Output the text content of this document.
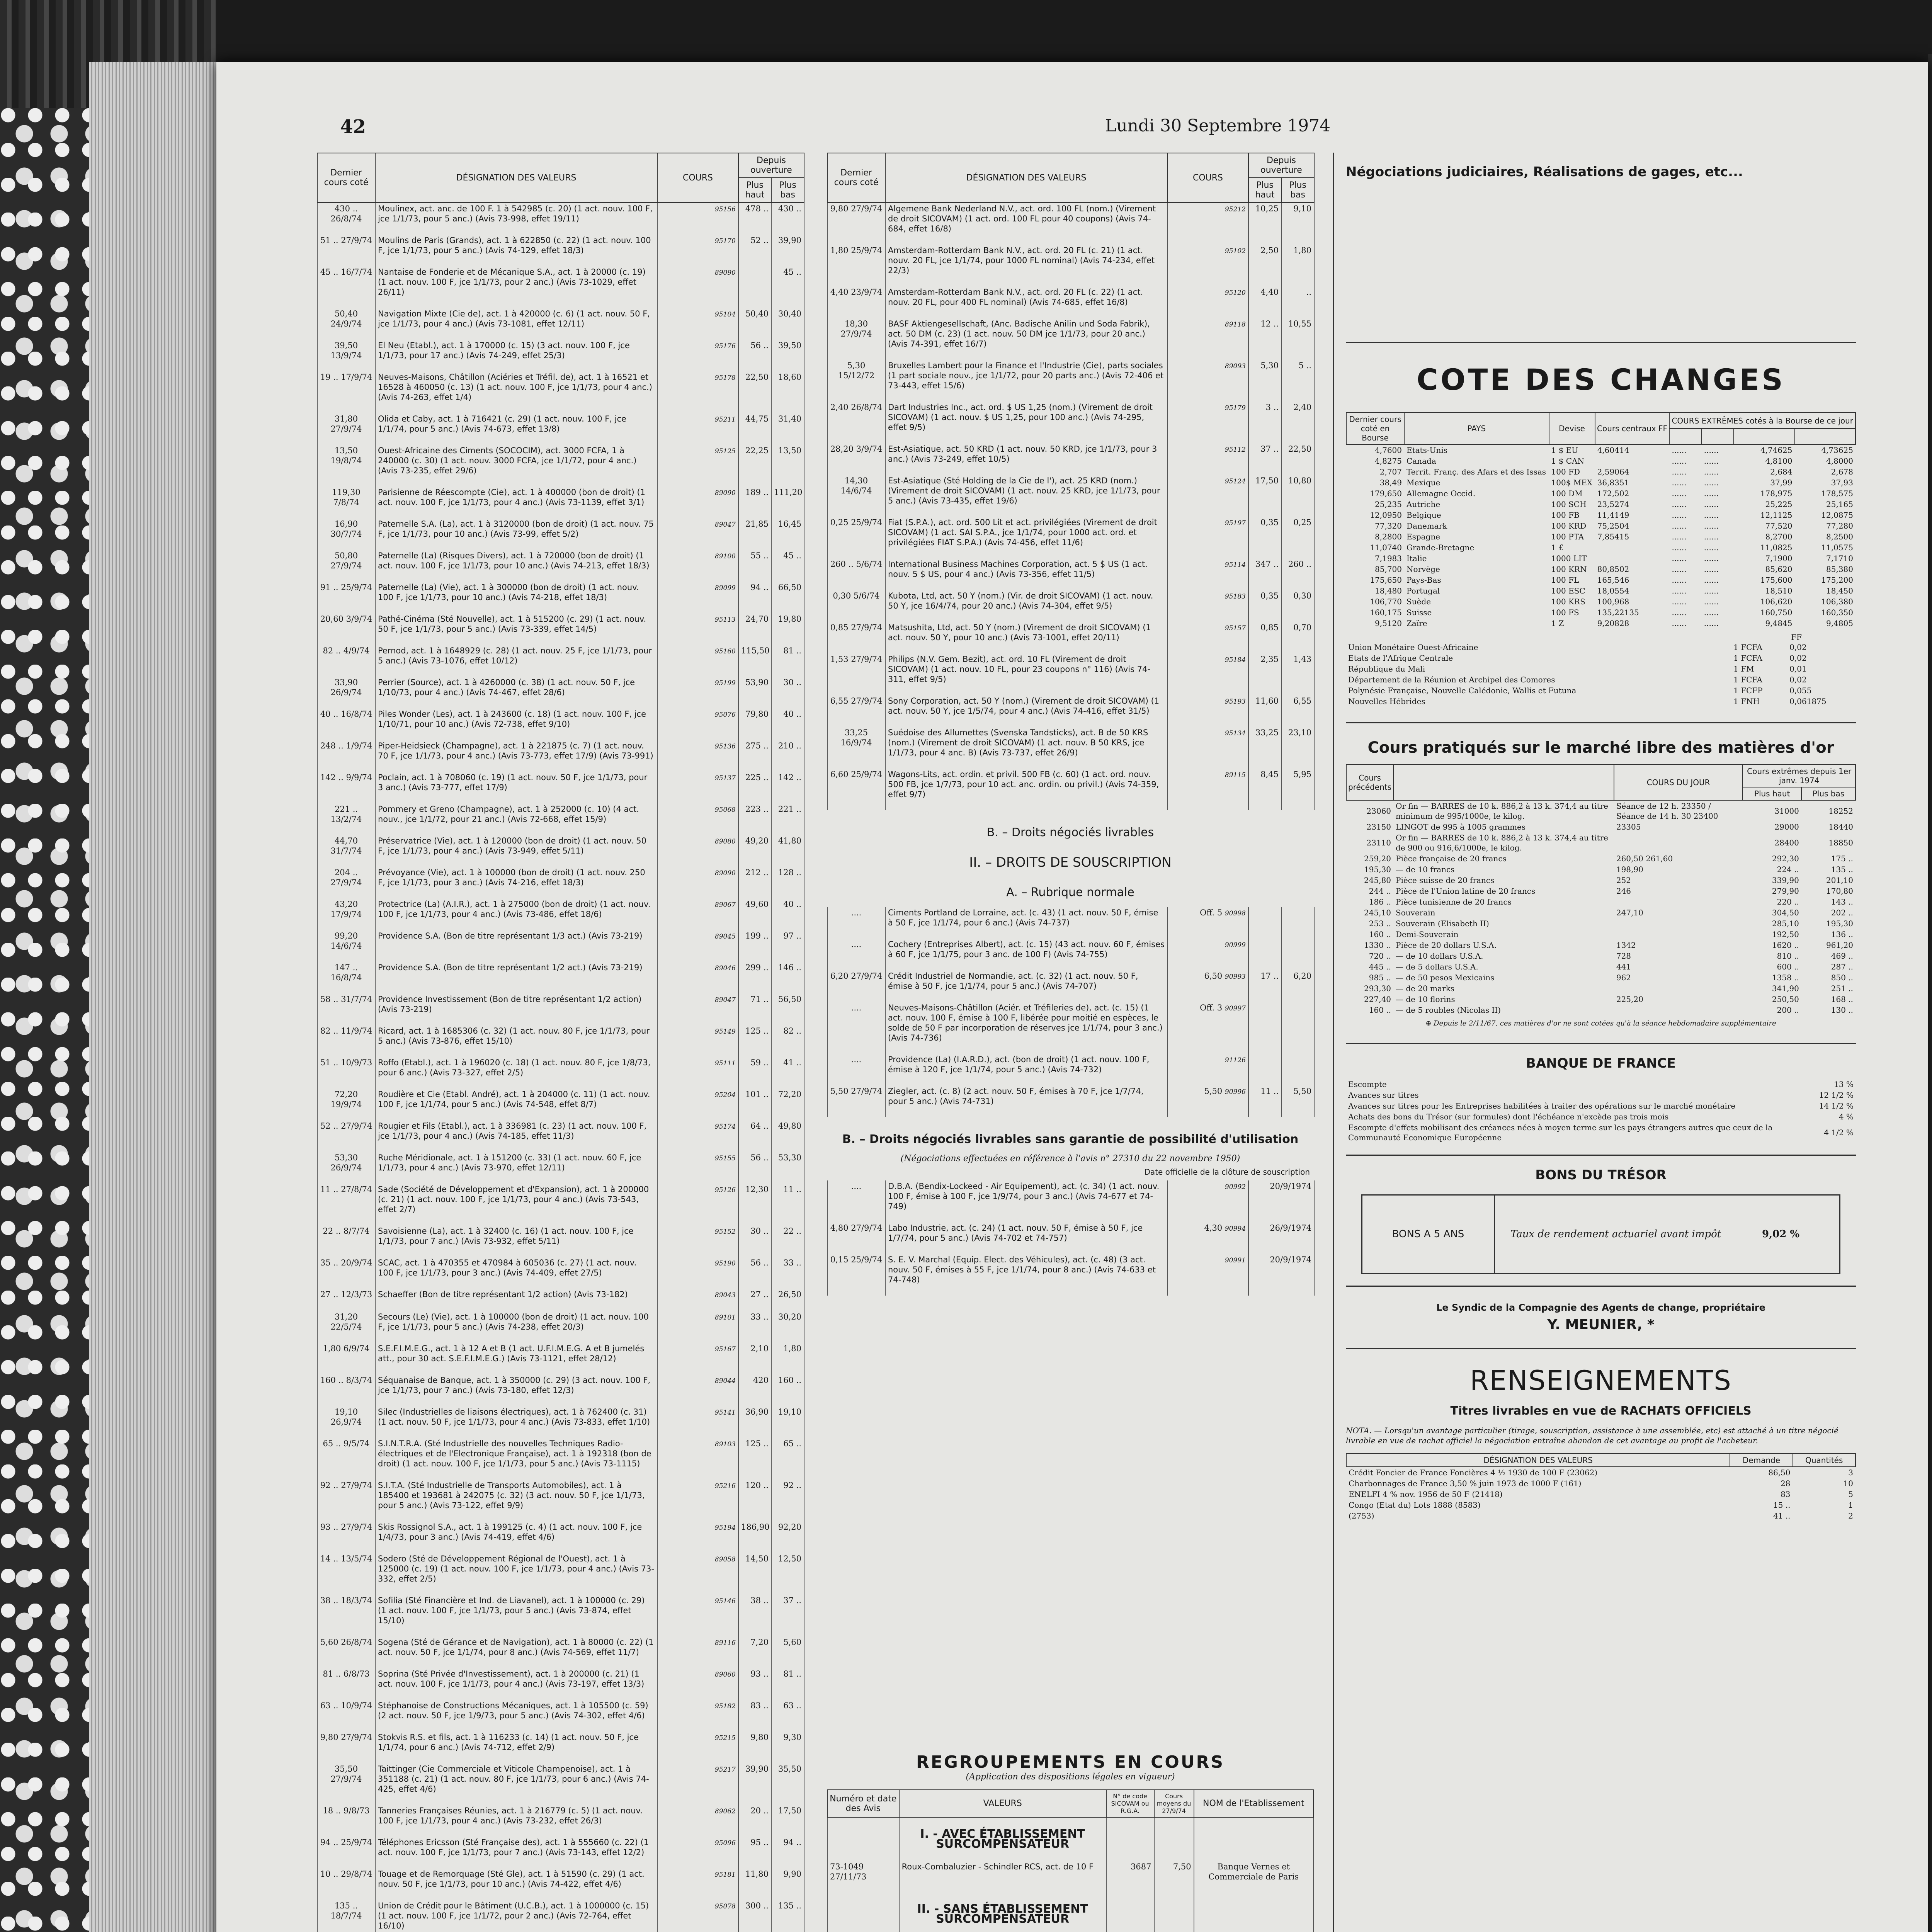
42	Lundi 30 Septembre 1974
Dernier cours coté	DÉSIGNATION DES VALEURS	COURS	Depuis ouverture	
			Plus haut	Plus bas
430 .. 26/8/74	Moulinex, act. anc. de 100 F. 1 à 542985 (c. 20) (1 act. nouv. 100 F, jce 1/1/73, pour 5 anc.) (Avis 73-998, effet 19/11)	95156	478 ..	430 ..

51 .. 27/9/74	Moulins de Paris (Grands), act. 1 à 622850 (c. 22) (1 act. nouv. 100 F, jce 1/1/73, pour 5 anc.) (Avis 74-129, effet 18/3)	95170	52 ..	39,90

45 .. 16/7/74	Nantaise de Fonderie et de Mécanique S.A., act. 1 à 20000 (c. 19) (1 act. nouv. 100 F, jce 1/1/73, pour 2 anc.) (Avis 73-1029, effet 26/11)	89090		45 ..

50,40 24/9/74	Navigation Mixte (Cie de), act. 1 à 420000 (c. 6) (1 act. nouv. 50 F, jce 1/1/73, pour 4 anc.) (Avis 73-1081, effet 12/11)	95104	50,40	30,40

39,50 13/9/74	El Neu (Etabl.), act. 1 à 170000 (c. 15) (3 act. nouv. 100 F, jce 1/1/73, pour 17 anc.) (Avis 74-249, effet 25/3)	95176	56 ..	39,50

19 .. 17/9/74	Neuves-Maisons, Châtillon (Aciéries et Tréfil. de), act. 1 à 16521 et 16528 à 460050 (c. 13) (1 act. nouv. 100 F, jce 1/1/73, pour 4 anc.) (Avis 74-263, effet 1/4)	95178	22,50	18,60

31,80 27/9/74	Olida et Caby, act. 1 à 716421 (c. 29) (1 act. nouv. 100 F, jce 1/1/74, pour 5 anc.) (Avis 74-673, effet 13/8)	95211	44,75	31,40

13,50 19/8/74	Ouest-Africaine des Ciments (SOCOCIM), act. 3000 FCFA, 1 à 240000 (c. 30) (1 act. nouv. 3000 FCFA, jce 1/1/72, pour 4 anc.) (Avis 73-235, effet 29/6)	95125	22,25	13,50

119,30 7/8/74	Parisienne de Réescompte (Cie), act. 1 à 400000 (bon de droit) (1 act. nouv. 100 F, jce 1/1/73, pour 4 anc.) (Avis 73-1139, effet 3/1)	89090	189 ..	111,20

16,90 30/7/74	Paternelle S.A. (La), act. 1 à 3120000 (bon de droit) (1 act. nouv. 75 F, jce 1/1/73, pour 10 anc.) (Avis 73-99, effet 5/2)	89047	21,85	16,45

50,80 27/9/74	Paternelle (La) (Risques Divers), act. 1 à 720000 (bon de droit) (1 act. nouv. 100 F, jce 1/1/73, pour 10 anc.) (Avis 74-213, effet 18/3)	89100	55 ..	45 ..

91 .. 25/9/74	Paternelle (La) (Vie), act. 1 à 300000 (bon de droit) (1 act. nouv. 100 F, jce 1/1/73, pour 10 anc.) (Avis 74-218, effet 18/3)	89099	94 ..	66,50

20,60 3/9/74	Pathé-Cinéma (Sté Nouvelle), act. 1 à 515200 (c. 29) (1 act. nouv. 50 F, jce 1/1/73, pour 5 anc.) (Avis 73-339, effet 14/5)	95113	24,70	19,80

82 .. 4/9/74	Pernod, act. 1 à 1648929 (c. 28) (1 act. nouv. 25 F, jce 1/1/73, pour 5 anc.) (Avis 73-1076, effet 10/12)	95160	115,50	81 ..

33,90 26/9/74	Perrier (Source), act. 1 à 4260000 (c. 38) (1 act. nouv. 50 F, jce 1/10/73, pour 4 anc.) (Avis 74-467, effet 28/6)	95199	53,90	30 ..

40 .. 16/8/74	Piles Wonder (Les), act. 1 à 243600 (c. 18) (1 act. nouv. 100 F, jce 1/10/71, pour 10 anc.) (Avis 72-738, effet 9/10)	95076	79,80	40 ..

248 .. 1/9/74	Piper-Heidsieck (Champagne), act. 1 à 221875 (c. 7) (1 act. nouv. 70 F, jce 1/1/73, pour 4 anc.) (Avis 73-773, effet 17/9) (Avis 73-991)	95136	275 ..	210 ..

142 .. 9/9/74	Poclain, act. 1 à 708060 (c. 19) (1 act. nouv. 50 F, jce 1/1/73, pour 3 anc.) (Avis 73-777, effet 17/9)	95137	225 ..	142 ..

221 .. 13/2/74	Pommery et Greno (Champagne), act. 1 à 252000 (c. 10) (4 act. nouv., jce 1/1/72, pour 21 anc.) (Avis 72-668, effet 15/9)	95068	223 ..	221 ..

44,70 31/7/74	Préservatrice (Vie), act. 1 à 120000 (bon de droit) (1 act. nouv. 50 F, jce 1/1/73, pour 4 anc.) (Avis 73-949, effet 5/11)	89080	49,20	41,80

204 .. 27/9/74	Prévoyance (Vie), act. 1 à 100000 (bon de droit) (1 act. nouv. 250 F, jce 1/1/73, pour 3 anc.) (Avis 74-216, effet 18/3)	89090	212 ..	128 ..

43,20 17/9/74	Protectrice (La) (A.I.R.), act. 1 à 275000 (bon de droit) (1 act. nouv. 100 F, jce 1/1/73, pour 4 anc.) (Avis 73-486, effet 18/6)	89067	49,60	40 ..

99,20 14/6/74	Providence S.A. (Bon de titre représentant 1/3 act.) (Avis 73-219)	89045	199 ..	97 ..

147 .. 16/8/74	Providence S.A. (Bon de titre représentant 1/2 act.) (Avis 73-219)	89046	299 ..	146 ..

58 .. 31/7/74	Providence Investissement (Bon de titre représentant 1/2 action) (Avis 73-219)	89047	71 ..	56,50

82 .. 11/9/74	Ricard, act. 1 à 1685306 (c. 32) (1 act. nouv. 80 F, jce 1/1/73, pour 5 anc.) (Avis 73-876, effet 15/10)	95149	125 ..	82 ..

51 .. 10/9/73	Roffo (Etabl.), act. 1 à 196020 (c. 18) (1 act. nouv. 80 F, jce 1/8/73, pour 6 anc.) (Avis 73-327, effet 2/5)	95111	59 ..	41 ..

72,20 19/9/74	Roudière et Cie (Etabl. André), act. 1 à 204000 (c. 11) (1 act. nouv. 100 F, jce 1/1/74, pour 5 anc.) (Avis 74-548, effet 8/7)	95204	101 ..	72,20

52 .. 27/9/74	Rougier et Fils (Etabl.), act. 1 à 336981 (c. 23) (1 act. nouv. 100 F, jce 1/1/73, pour 4 anc.) (Avis 74-185, effet 11/3)	95174	64 ..	49,80

53,30 26/9/74	Ruche Méridionale, act. 1 à 151200 (c. 33) (1 act. nouv. 60 F, jce 1/1/73, pour 4 anc.) (Avis 73-970, effet 12/11)	95155	56 ..	53,30

11 .. 27/8/74	Sade (Société de Développement et d'Expansion), act. 1 à 200000 (c. 21) (1 act. nouv. 100 F, jce 1/1/73, pour 4 anc.) (Avis 73-543, effet 2/7)	95126	12,30	11 ..

22 .. 8/7/74	Savoisienne (La), act. 1 à 32400 (c. 16) (1 act. nouv. 100 F, jce 1/1/73, pour 7 anc.) (Avis 73-932, effet 5/11)	95152	30 ..	22 ..

35 .. 20/9/74	SCAC, act. 1 à 470355 et 470984 à 605036 (c. 27) (1 act. nouv. 100 F, jce 1/1/73, pour 3 anc.) (Avis 74-409, effet 27/5)	95190	56 ..	33 ..

27 .. 12/3/73	Schaeffer (Bon de titre représentant 1/2 action) (Avis 73-182)	89043	27 ..	26,50

31,20 22/5/74	Secours (Le) (Vie), act. 1 à 100000 (bon de droit) (1 act. nouv. 100 F, jce 1/1/73, pour 5 anc.) (Avis 74-238, effet 20/3)	89101	33 ..	30,20

1,80 6/9/74	S.E.F.I.M.E.G., act. 1 à 12 A et B (1 act. U.F.I.M.E.G. A et B jumelés att., pour 30 act. S.E.F.I.M.E.G.) (Avis 73-1121, effet 28/12)	95167	2,10	1,80

160 .. 8/3/74	Séquanaise de Banque, act. 1 à 350000 (c. 29) (3 act. nouv. 100 F, jce 1/1/73, pour 7 anc.) (Avis 73-180, effet 12/3)	89044	420	160 ..

19,10 26,9/74	Silec (Industrielles de liaisons électriques), act. 1 à 762400 (c. 31) (1 act. nouv. 50 F, jce 1/1/73, pour 4 anc.) (Avis 73-833, effet 1/10)	95141	36,90	19,10

65 .. 9/5/74	S.I.N.T.R.A. (Sté Industrielle des nouvelles Techniques Radio-électriques et de l'Electronique Française), act. 1 à 192318 (bon de droit) (1 act. nouv. 100 F, jce 1/1/73, pour 5 anc.) (Avis 73-1115)	89103	125 ..	65 ..

92 .. 27/9/74	S.I.T.A. (Sté Industrielle de Transports Automobiles), act. 1 à 185400 et 193681 à 242075 (c. 32) (3 act. nouv. 50 F, jce 1/1/73, pour 5 anc.) (Avis 73-122, effet 9/9)	95216	120 ..	92 ..

93 .. 27/9/74	Skis Rossignol S.A., act. 1 à 199125 (c. 4) (1 act. nouv. 100 F, jce 1/4/73, pour 3 anc.) (Avis 74-419, effet 4/6)	95194	186,90	92,20

14 .. 13/5/74	Sodero (Sté de Développement Régional de l'Ouest), act. 1 à 125000 (c. 19) (1 act. nouv. 100 F, jce 1/1/73, pour 4 anc.) (Avis 73-332, effet 2/5)	89058	14,50	12,50

38 .. 18/3/74	Sofilia (Sté Financière et Ind. de Liavanel), act. 1 à 100000 (c. 29) (1 act. nouv. 100 F, jce 1/1/73, pour 5 anc.) (Avis 73-874, effet 15/10)	95146	38 ..	37 ..

5,60 26/8/74	Sogena (Sté de Gérance et de Navigation), act. 1 à 80000 (c. 22) (1 act. nouv. 50 F, jce 1/1/74, pour 8 anc.) (Avis 74-569, effet 11/7)	89116	7,20	5,60

81 .. 6/8/73	Soprina (Sté Privée d'Investissement), act. 1 à 200000 (c. 21) (1 act. nouv. 100 F, jce 1/1/73, pour 4 anc.) (Avis 73-197, effet 13/3)	89060	93 ..	81 ..

63 .. 10/9/74	Stéphanoise de Constructions Mécaniques, act. 1 à 105500 (c. 59) (2 act. nouv. 50 F, jce 1/9/73, pour 5 anc.) (Avis 74-302, effet 4/6)	95182	83 ..	63 ..

9,80 27/9/74	Stokvis R.S. et fils, act. 1 à 116233 (c. 14) (1 act. nouv. 50 F, jce 1/1/74, pour 6 anc.) (Avis 74-712, effet 2/9)	95215	9,80	9,30

35,50 27/9/74	Taittinger (Cie Commerciale et Viticole Champenoise), act. 1 à 351188 (c. 21) (1 act. nouv. 80 F, jce 1/1/73, pour 6 anc.) (Avis 74-425, effet 4/6)	95217	39,90	35,50

18 .. 9/8/73	Tanneries Françaises Réunies, act. 1 à 216779 (c. 5) (1 act. nouv. 100 F, jce 1/1/73, pour 4 anc.) (Avis 73-232, effet 26/3)	89062	20 ..	17,50

94 .. 25/9/74	Téléphones Ericsson (Sté Française des), act. 1 à 555660 (c. 22) (1 act. nouv. 100 F, jce 1/1/73, pour 7 anc.) (Avis 73-143, effet 12/2)	95096	95 ..	94 ..

10 .. 29/8/74	Touage et de Remorquage (Sté Gle), act. 1 à 51590 (c. 29) (1 act. nouv. 50 F, jce 1/1/73, pour 10 anc.) (Avis 74-422, effet 4/6)	95181	11,80	9,90

135 .. 18/7/74	Union de Crédit pour le Bâtiment (U.C.B.), act. 1 à 1000000 (c. 15) (1 act. nouv. 100 F, jce 1/1/72, pour 2 anc.) (Avis 72-764, effet 16/10)	95078	300 ..	135 ..

Dernier cours coté	DÉSIGNATION DES VALEURS	COURS	Depuis ouverture	
			Plus haut	Plus bas
9,80 27/9/74	Algemene Bank Nederland N.V., act. ord. 100 FL (nom.) (Virement de droit SICOVAM) (1 act. ord. 100 FL pour 40 coupons) (Avis 74-684, effet 16/8)	95212	10,25	9,10

1,80 25/9/74	Amsterdam-Rotterdam Bank N.V., act. ord. 20 FL (c. 21) (1 act. nouv. 20 FL, jce 1/1/74, pour 1000 FL nominal) (Avis 74-234, effet 22/3)	95102	2,50	1,80

4,40 23/9/74	Amsterdam-Rotterdam Bank N.V., act. ord. 20 FL (c. 22) (1 act. nouv. 20 FL, pour 400 FL nominal) (Avis 74-685, effet 16/8)	95120	4,40	..

18,30 27/9/74	BASF Aktiengesellschaft, (Anc. Badische Anilin und Soda Fabrik), act. 50 DM (c. 23) (1 act. nouv. 50 DM jce 1/1/73, pour 20 anc.) (Avis 74-391, effet 16/7)	89118	12 ..	10,55

5,30 15/12/72	Bruxelles Lambert pour la Finance et l'Industrie (Cie), parts sociales (1 part sociale nouv., jce 1/1/72, pour 20 parts anc.) (Avis 72-406 et 73-443, effet 15/6)	89093	5,30	5 ..

2,40 26/8/74	Dart Industries Inc., act. ord. $ US 1,25 (nom.) (Virement de droit SICOVAM) (1 act. nouv. $ US 1,25, pour 100 anc.) (Avis 74-295, effet 9/5)	95179	3 ..	2,40

28,20 3/9/74	Est-Asiatique, act. 50 KRD (1 act. nouv. 50 KRD, jce 1/1/73, pour 3 anc.) (Avis 73-249, effet 10/5)	95112	37 ..	22,50

14,30 14/6/74	Est-Asiatique (Sté Holding de la Cie de l'), act. 25 KRD (nom.) (Virement de droit SICOVAM) (1 act. nouv. 25 KRD, jce 1/1/73, pour 5 anc.) (Avis 73-435, effet 19/6)	95124	17,50	10,80

0,25 25/9/74	Fiat (S.P.A.), act. ord. 500 Lit et act. privilégiées (Virement de droit SICOVAM) (1 act. SAI S.P.A., jce 1/1/74, pour 1000 act. ord. et privilégiées FIAT S.P.A.) (Avis 74-456, effet 11/6)	95197	0,35	0,25

260 .. 5/6/74	International Business Machines Corporation, act. 5 $ US (1 act. nouv. 5 $ US, pour 4 anc.) (Avis 73-356, effet 11/5)	95114	347 ..	260 ..

0,30 5/6/74	Kubota, Ltd, act. 50 Y (nom.) (Vir. de droit SICOVAM) (1 act. nouv. 50 Y, jce 16/4/74, pour 20 anc.) (Avis 74-304, effet 9/5)	95183	0,35	0,30

0,85 27/9/74	Matsushita, Ltd, act. 50 Y (nom.) (Virement de droit SICOVAM) (1 act. nouv. 50 Y, pour 10 anc.) (Avis 73-1001, effet 20/11)	95157	0,85	0,70

1,53 27/9/74	Philips (N.V. Gem. Bezit), act. ord. 10 FL (Virement de droit SICOVAM) (1 act. nouv. 10 FL, pour 23 coupons n° 116) (Avis 74-311, effet 9/5)	95184	2,35	1,43

6,55 27/9/74	Sony Corporation, act. 50 Y (nom.) (Virement de droit SICOVAM) (1 act. nouv. 50 Y, jce 1/5/74, pour 4 anc.) (Avis 74-416, effet 31/5)	95193	11,60	6,55

33,25 16/9/74	Suédoise des Allumettes (Svenska Tandsticks), act. B de 50 KRS (nom.) (Virement de droit SICOVAM) (1 act. nouv. B 50 KRS, jce 1/1/73, pour 4 anc. B) (Avis 73-737, effet 26/9)	95134	33,25	23,10

6,60 25/9/74	Wagons-Lits, act. ordin. et privil. 500 FB (c. 60) (1 act. ord. nouv. 500 FB, jce 1/7/73, pour 10 act. anc. ordin. ou privil.) (Avis 74-359, effet 9/7)	89115	8,45	5,95

B. – Droits négociés livrables
II. – DROITS DE SOUSCRIPTION
A. – Rubrique normale
....	Ciments Portland de Lorraine, act. (c. 43) (1 act. nouv. 50 F, émise à 50 F, jce 1/1/74, pour 6 anc.) (Avis 74-737)	Off. 5 90998		

....	Cochery (Entreprises Albert), act. (c. 15) (43 act. nouv. 60 F, émises à 60 F, jce 1/1/75, pour 3 anc. de 100 F) (Avis 74-755)	90999		

6,20 27/9/74	Crédit Industriel de Normandie, act. (c. 32) (1 act. nouv. 50 F, émise à 50 F, jce 1/1/74, pour 5 anc.) (Avis 74-707)	6,50 90993	17 ..	6,20

....	Neuves-Maisons-Châtillon (Aciér. et Tréfileries de), act. (c. 15) (1 act. nouv. 100 F, émise à 100 F, libérée pour moitié en espèces, le solde de 50 F par incorporation de réserves jce 1/1/74, pour 3 anc.) (Avis 74-736)	Off. 3 90997		

....	Providence (La) (I.A.R.D.), act. (bon de droit) (1 act. nouv. 100 F, émise à 120 F, jce 1/1/74, pour 5 anc.) (Avis 74-732)	91126		

5,50 27/9/74	Ziegler, act. (c. 8) (2 act. nouv. 50 F, émises à 70 F, jce 1/7/74, pour 5 anc.) (Avis 74-731)	5,50 90996	11 ..	5,50

B. – Droits négociés livrables sans garantie de possibilité d'utilisation
(Négociations effectuées en référence à l'avis n° 27310 du 22 novembre 1950)
Date officielle de la clôture de souscription
....	D.B.A. (Bendix-Lockeed - Air Equipement), act. (c. 34) (1 act. nouv. 100 F, émise à 100 F, jce 1/9/74, pour 3 anc.) (Avis 74-677 et 74-749)	90992	20/9/1974

4,80 27/9/74	Labo Industrie, act. (c. 24) (1 act. nouv. 50 F, émise à 50 F, jce 1/7/74, pour 5 anc.) (Avis 74-702 et 74-757)	4,30 90994	26/9/1974

0,15 25/9/74	S. E. V. Marchal (Equip. Elect. des Véhicules), act. (c. 48) (3 act. nouv. 50 F, émises à 55 F, jce 1/1/74, pour 8 anc.) (Avis 74-633 et 74-748)	90991	20/9/1974

REGROUPEMENTS EN COURS
(Application des dispositions légales en vigueur)
Numéro et date des Avis	VALEURS	N° de code SICOVAM ou R.G.A.	Cours moyens du 27/9/74	NOM de l'Etablissement
	I. - AVEC ÉTABLISSEMENT SURCOMPENSATEUR			
73-1049 27/11/73	Roux-Combaluzier - Schindler RCS, act. de 10 F	3687	7,50	Banque Vernes et Commerciale de Paris

	II. - SANS ÉTABLISSEMENT SURCOMPENSATEUR			

Négociations judiciaires, Réalisations de gages, etc...
COTE DES CHANGES
Dernier cours coté en Bourse	PAYS	Devise	Cours centraux FF	COURS EXTRÊMES cotés à la Bourse de ce jour			

4,7600	Etats-Unis	1 $ EU	4,60414	......	......	4,74625	4,73625
4,8275	Canada	1 $ CAN		......	......	4,8100	4,8000
2,707	Territ. Franç. des Afars et des Issas	100 FD	2,59064	......	......	2,684	2,678
38,49	Mexique	100$ MEX	36,8351	......	......	37,99	37,93
179,650	Allemagne Occid.	100 DM	172,502	......	......	178,975	178,575
25,235	Autriche	100 SCH	23,5274	......	......	25,225	25,165
12,0950	Belgique	100 FB	11,4149	......	......	12,1125	12,0875
77,320	Danemark	100 KRD	75,2504	......	......	77,520	77,280
8,2800	Espagne	100 PTA	7,85415	......	......	8,2700	8,2500
11,0740	Grande-Bretagne	1 £		......	......	11,0825	11,0575
7,1983	Italie	1000 LIT		......	......	7,1900	7,1710
85,700	Norvège	100 KRN	80,8502	......	......	85,620	85,380
175,650	Pays-Bas	100 FL	165,546	......	......	175,600	175,200
18,480	Portugal	100 ESC	18,0554	......	......	18,510	18,450
106,770	Suède	100 KRS	100,968	......	......	106,620	106,380
160,175	Suisse	100 FS	135,22135	......	......	160,750	160,350
9,5120	Zaïre	1 Z	9,20828	......	......	9,4845	9,4805
FF
Union Monétaire Ouest-Africaine	1 FCFA	0,02
Etats de l'Afrique Centrale	1 FCFA	0,02
République du Mali	1 FM	0,01
Département de la Réunion et Archipel des Comores	1 FCFA	0,02
Polynésie Française, Nouvelle Calédonie, Wallis et Futuna	1 FCFP	0,055
Nouvelles Hébrides	1 FNH	0,061875
Cours pratiqués sur le marché libre des matières d'or
Cours précédents		COURS DU JOUR	Cours extrêmes depuis 1er janv. 1974	
			Plus haut	Plus bas
23060	Or fin — BARRES de 10 k. 886,2 à 13 k. 374,4 au titre minimum de 995/1000e, le kilog.	Séance de 12 h. 23350 / Séance de 14 h. 30 23400	31000	18252
23150	LINGOT de 995 à 1005 grammes	23305	29000	18440
23110	Or fin — BARRES de 10 k. 886,2 à 13 k. 374,4 au titre de 900 ou 916,6/1000e, le kilog.		28400	18850
259,20	Pièce française de 20 francs	260,50 261,60	292,30	175 ..
195,30	— de 10 francs	198,90	224 ..	135 ..
245,80	Pièce suisse de 20 francs	252	339,90	201,10
244 ..	Pièce de l'Union latine de 20 francs	246	279,90	170,80
186 ..	Pièce tunisienne de 20 francs		220 ..	143 ..
245,10	Souverain	247,10	304,50	202 ..
253 ..	Souverain (Elisabeth II)		285,10	195,30
160 ..	Demi-Souverain		192,50	136 ..
1330 ..	Pièce de 20 dollars U.S.A.	1342	1620 ..	961,20
720 ..	— de 10 dollars U.S.A.	728	810 ..	469 ..
445 ..	— de 5 dollars U.S.A.	441	600 ..	287 ..
985 ..	— de 50 pesos Mexicains	962	1358 ..	850 ..
293,30	— de 20 marks		341,90	251 ..
227,40	— de 10 florins	225,20	250,50	168 ..
160 ..	— de 5 roubles (Nicolas II)		200 ..	130 ..
⊕ Depuis le 2/11/67, ces matières d'or ne sont cotées qu'à la séance hebdomadaire supplémentaire
BANQUE DE FRANCE
Escompte	13 %
Avances sur titres	12 1/2 %
Avances sur titres pour les Entreprises habilitées à traiter des opérations sur le marché monétaire	14 1/2 %
Achats des bons du Trésor (sur formules) dont l'échéance n'excède pas trois mois	4 %
Escompte d'effets mobilisant des créances nées à moyen terme sur les pays étrangers autres que ceux de la Communauté Economique Européenne	4 1/2 %
BONS DU TRÉSOR
BONS A 5 ANS	Taux de rendement actuariel avant impôt	9,02 %
Le Syndic de la Compagnie des Agents de change, propriétaire
Y. MEUNIER, *
RENSEIGNEMENTS
Titres livrables en vue de RACHATS OFFICIELS
NOTA. — Lorsqu'un avantage particulier (tirage, souscription, assistance à une assemblée, etc) est attaché à un titre négocié livrable en vue de rachat officiel la négociation entraîne abandon de cet avantage au profit de l'acheteur.
DÉSIGNATION DES VALEURS	Demande	Quantités
Crédit Foncier de France Foncières 4 ½ 1930 de 100 F (23062)	86,50	3
Charbonnages de France 3,50 % juin 1973 de 1000 F (161)	28	10
ENELFI 4 % nov. 1956 de 50 F (21418)	83	5
Congo (Etat du) Lots 1888 (8583)	15 ..	1
(2753)	41 ..	2
